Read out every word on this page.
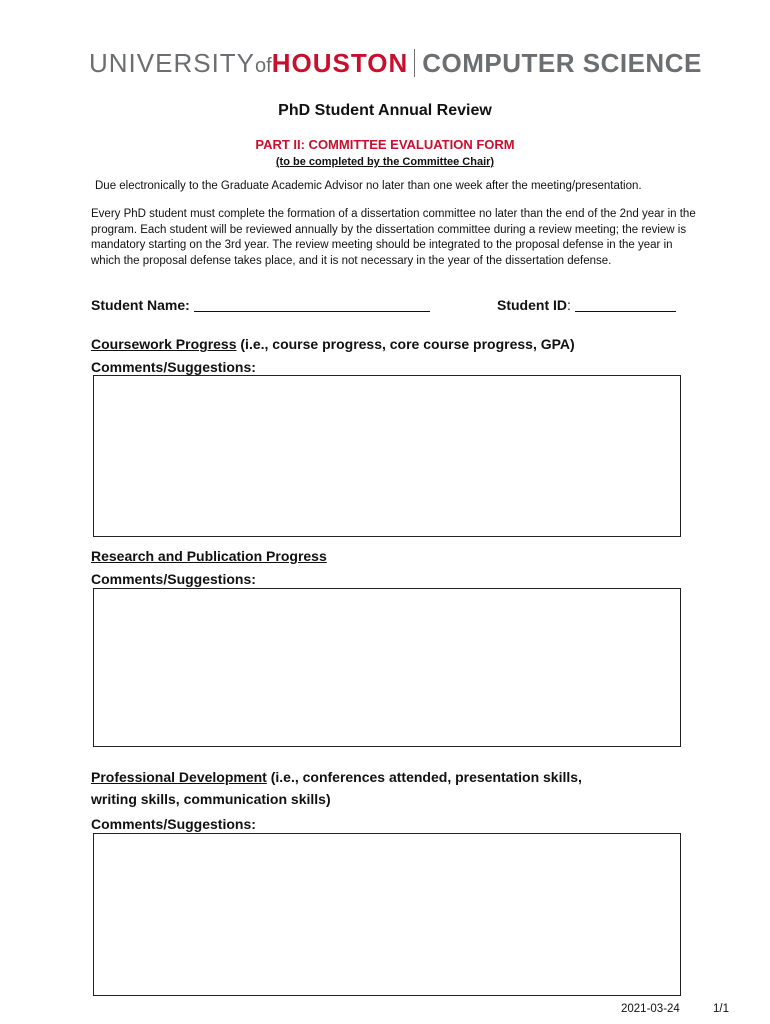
UNIVERSITYofHOUSTON COMPUTER SCIENCE
PhD Student Annual Review
PART II: COMMITTEE EVALUATION FORM
(to be completed by the Committee Chair)
Due electronically to the Graduate Academic Advisor no later than one week after the meeting/presentation.
Every PhD student must complete the formation of a dissertation committee no later than the end of the 2nd year in the program. Each student will be reviewed annually by the dissertation committee during a review meeting; the review is mandatory starting on the 3rd year. The review meeting should be integrated to the proposal defense in the year in which the proposal defense takes place, and it is not necessary in the year of the dissertation defense.
Student Name:	Student ID:
Coursework Progress (i.e., course progress, core course progress, GPA)
Comments/Suggestions:
Research and Publication Progress
Comments/Suggestions:
Professional Development (i.e., conferences attended, presentation skills,
writing skills, communication skills)
Comments/Suggestions:
2021-03-24	1/1
